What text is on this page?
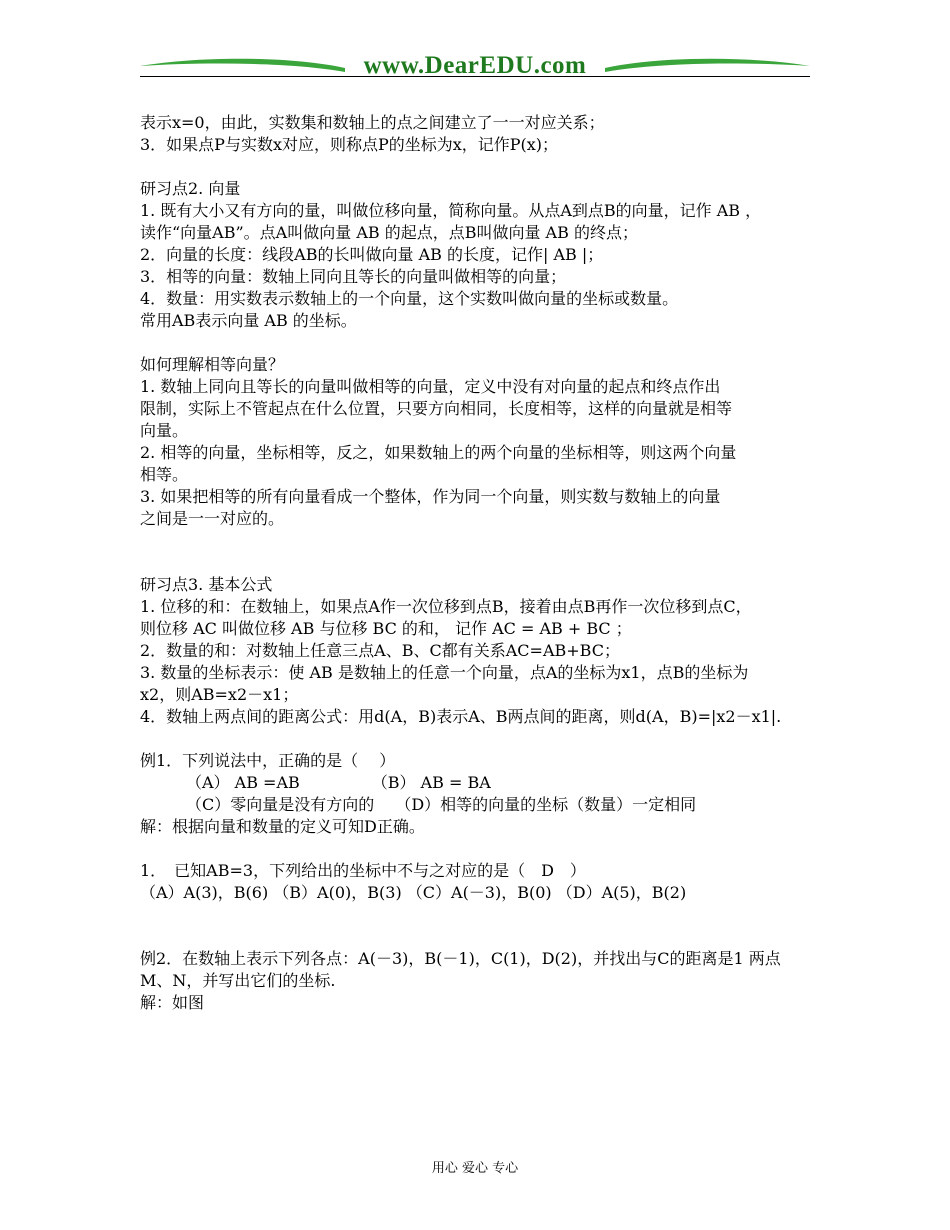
www.DearEDU.com

表示x=0，由此，实数集和数轴上的点之间建立了一一对应关系；

3．如果点P与实数x对应，则称点P的坐标为x，记作P(x)；

研习点2. 向量

1. 既有大小又有方向的量，叫做位移向量，简称向量。从点A到点B的向量，记作 AB ，

读作“向量AB”。点A叫做向量 AB 的起点，点B叫做向量 AB 的终点；

2．向量的长度：线段AB的长叫做向量 AB 的长度，记作| AB |；

3．相等的向量：数轴上同向且等长的向量叫做相等的向量；

4．数量：用实数表示数轴上的一个向量，这个实数叫做向量的坐标或数量。

常用AB表示向量 AB 的坐标。

如何理解相等向量？

1. 数轴上同向且等长的向量叫做相等的向量，定义中没有对向量的起点和终点作出

限制，实际上不管起点在什么位置，只要方向相同，长度相等，这样的向量就是相等

向量。

2. 相等的向量，坐标相等，反之，如果数轴上的两个向量的坐标相等，则这两个向量

相等。

3. 如果把相等的所有向量看成一个整体，作为同一个向量，则实数与数轴上的向量

之间是一一对应的。

研习点3. 基本公式

1. 位移的和：在数轴上，如果点A作一次位移到点B，接着由点B再作一次位移到点C，

则位移 AC 叫做位移 AB 与位移 BC 的和， 记作 AC = AB + BC ；

2．数量的和：对数轴上任意三点A、B、C都有关系AC=AB+BC；

3. 数量的坐标表示：使 AB 是数轴上的任意一个向量，点A的坐标为x1，点B的坐标为

x2，则AB=x2－x1；

4．数轴上两点间的距离公式：用d(A，B)表示A、B两点间的距离，则d(A，B)=|x2－x1|.

例1．下列说法中，正确的是（　 ）

（A） AB =AB　　　　　（B） AB = BA

（C）零向量是没有方向的　 （D）相等的向量的坐标（数量）一定相同

解：根据向量和数量的定义可知D正确。

1．　已知AB=3，下列给出的坐标中不与之对应的是（　D　）

（A）A(3)，B(6) （B）A(0)，B(3) （C）A(－3)，B(0) （D）A(5)，B(2)

例2．在数轴上表示下列各点：A(－3)，B(－1)，C(1)，D(2)，并找出与C的距离是1 两点

M、N，并写出它们的坐标.

解：如图

用心 爱心 专心
